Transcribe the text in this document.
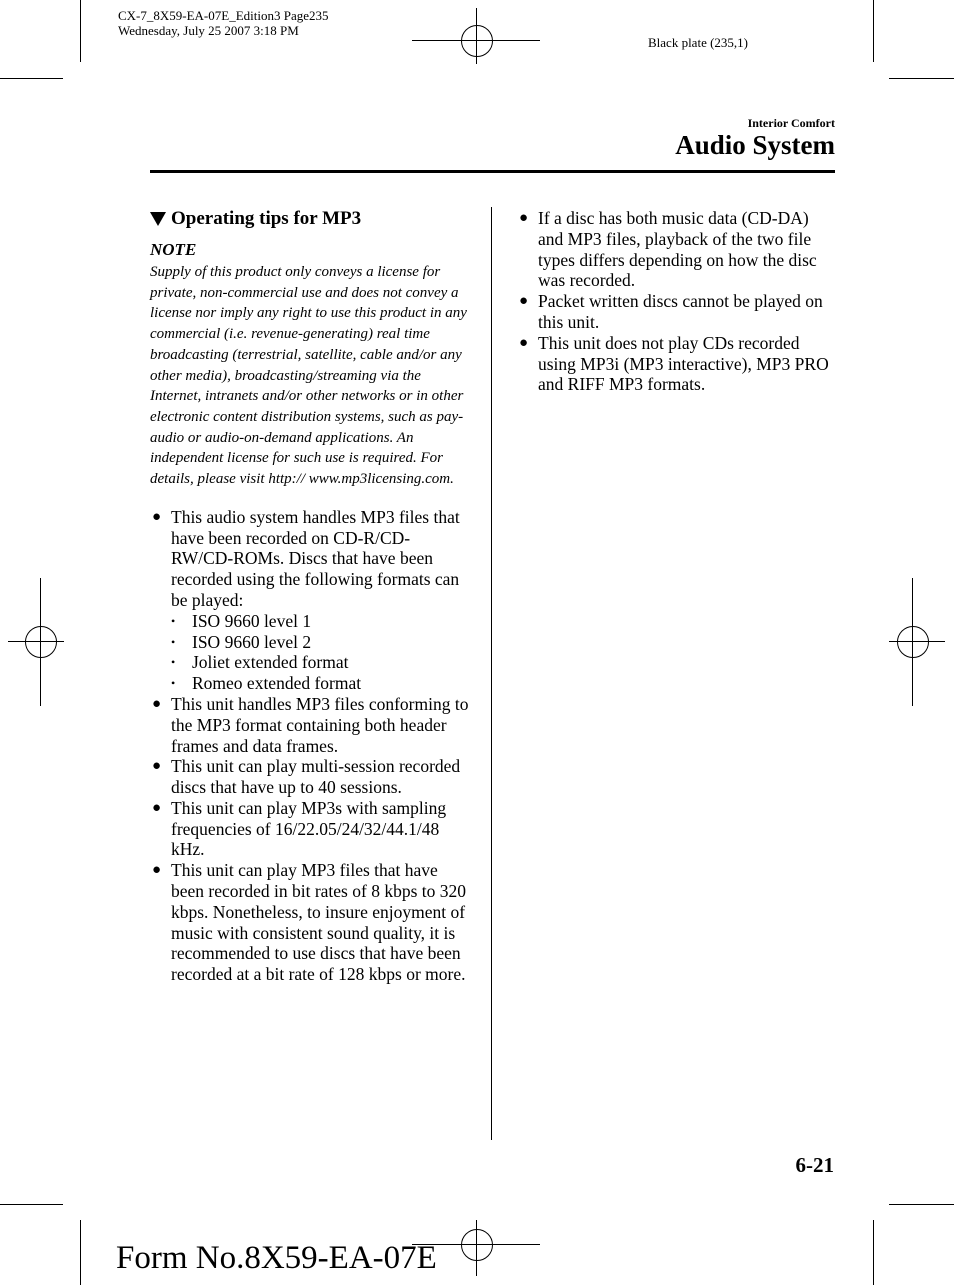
CX-7_8X59-EA-07E_Edition3 Page235
Wednesday, July 25 2007 3:18 PM
Black plate (235,1)
Interior Comfort
Audio System
Operating tips for MP3
NOTE
Supply of this product only conveys a license for private, non-commercial use and does not convey a license nor imply any right to use this product in any commercial (i.e. revenue-generating) real time broadcasting (terrestrial, satellite, cable and/or any other media), broadcasting/streaming via the Internet, intranets and/or other networks or in other electronic content distribution systems, such as pay-audio or audio-on-demand applications. An independent license for such use is required. For details, please visit http:// www.mp3licensing.com.
● This audio system handles MP3 files that have been recorded on CD-R/CD-RW/CD-ROMs. Discs that have been recorded using the following formats can be played:
• ISO 9660 level 1
• ISO 9660 level 2
• Joliet extended format
• Romeo extended format
● This unit handles MP3 files conforming to the MP3 format containing both header frames and data frames.
● This unit can play multi-session recorded discs that have up to 40 sessions.
● This unit can play MP3s with sampling frequencies of 16/22.05/24/32/44.1/48 kHz.
● This unit can play MP3 files that have been recorded in bit rates of 8 kbps to 320 kbps. Nonetheless, to insure enjoyment of music with consistent sound quality, it is recommended to use discs that have been recorded at a bit rate of 128 kbps or more.
● If a disc has both music data (CD-DA) and MP3 files, playback of the two file types differs depending on how the disc was recorded.
● Packet written discs cannot be played on this unit.
● This unit does not play CDs recorded using MP3i (MP3 interactive), MP3 PRO and RIFF MP3 formats.
6-21
Form No.8X59-EA-07E
